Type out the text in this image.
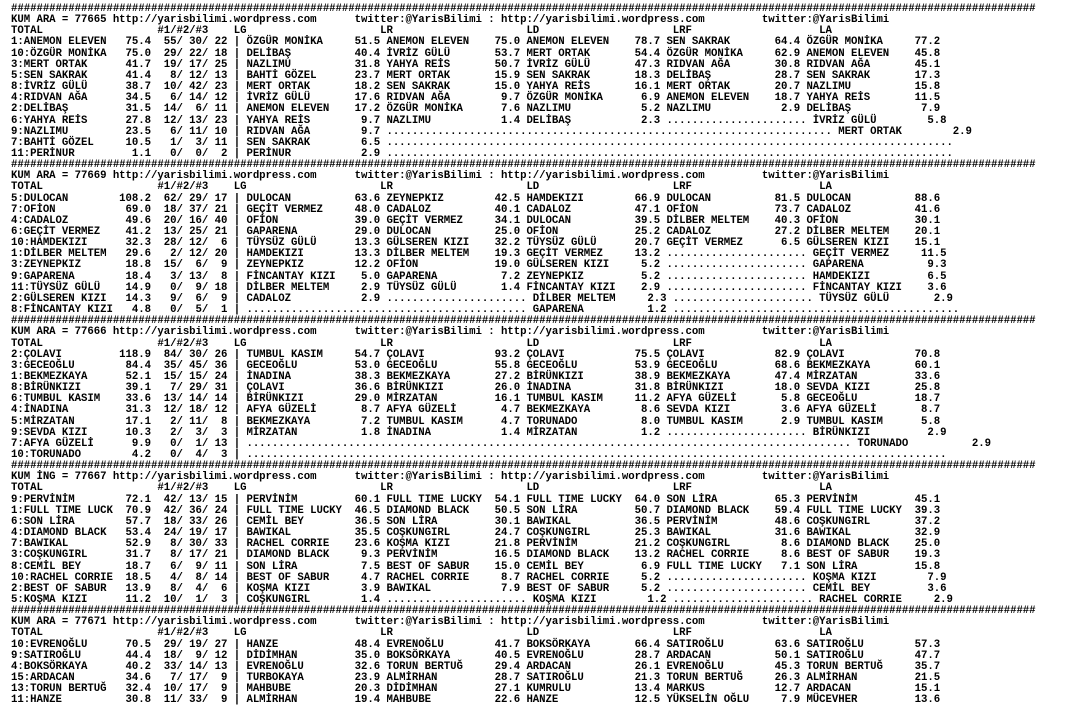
#################################################################################################################################################################
KUM ARA = 77665 http://yarisbilimi.wordpress.com      twitter:@YarisBilimi : http://yarisbilimi.wordpress.com         twitter:@YarisBilimi
TOTAL                  #1/#2/#3    LG                     LR                     LD                     LRF                    LA
1:ANEMON ELEVEN   75.4  55/ 30/ 22 | ÖZGÜR MONİKA     51.5 ANEMON ELEVEN    75.0 ANEMON ELEVEN    78.7 SEN SAKRAK       64.4 ÖZGÜR MONİKA     77.2
10:ÖZGÜR MONİKA   75.0  29/ 22/ 18 | DELİBAŞ          40.4 İVRİZ GÜLÜ       53.7 MERT ORTAK       54.4 ÖZGÜR MONİKA     62.9 ANEMON ELEVEN    45.8
3:MERT ORTAK      41.7  19/ 17/ 25 | NAZLIMU          31.8 YAHYA REİS       50.7 İVRİZ GÜLÜ       47.3 RIDVAN AĞA       30.8 RIDVAN AĞA       45.1
5:SEN SAKRAK      41.4   8/ 12/ 13 | BAHTİ GÖZEL      23.7 MERT ORTAK       15.9 SEN SAKRAK       18.3 DELİBAŞ          28.7 SEN SAKRAK       17.3
8:İVRİZ GÜLÜ      38.7  10/ 42/ 23 | MERT ORTAK       18.2 SEN SAKRAK       15.0 YAHYA REİS       16.1 MERT ORTAK       20.7 NAZLIMU          15.8
4:RIDVAN AĞA      34.5   6/ 14/ 12 | İVRİZ GÜLÜ       17.6 RIDVAN AĞA        9.7 ÖZGÜR MONİKA      6.9 ANEMON ELEVEN    18.7 YAHYA REİS       11.5
2:DELİBAŞ         31.5  14/  6/ 11 | ANEMON ELEVEN    17.2 ÖZGÜR MONİKA      7.6 NAZLIMU           5.2 NAZLIMU           2.9 DELİBAŞ           7.9
6:YAHYA REİS      27.8  12/ 13/ 23 | YAHYA REİS        9.7 NAZLIMU           1.4 DELİBAŞ           2.3 ...................... İVRİZ GÜLÜ        5.8
9:NAZLIMU         23.5   6/ 11/ 10 | RIDVAN AĞA        9.7 ...................................................................... MERT ORTAK        2.9
7:BAHTİ GÖZEL     10.5   1/  3/ 11 | SEN SAKRAK        6.5 .........................................................................................
11:PERİNUR         1.1   0/  0/  2 | PERİNUR           2.9 .........................................................................................
#################################################################################################################################################################
KUM ARA = 77669 http://yarisbilimi.wordpress.com      twitter:@YarisBilimi : http://yarisbilimi.wordpress.com         twitter:@YarisBilimi
TOTAL                  #1/#2/#3    LG                     LR                     LD                     LRF                    LA
5:DULOCAN        108.2  62/ 29/ 17 | DULOCAN          63.6 ZEYNEPKIZ        42.5 HAMDEKIZI        66.9 DULOCAN          81.5 DULOCAN          88.6
7:OFİON           69.0  18/ 37/ 21 | GEÇİT VERMEZ     48.0 CADALOZ          40.1 CADALOZ          47.1 OFİON            73.7 CADALOZ          41.6
4:CADALOZ         49.6  20/ 16/ 40 | OFİON            39.0 GEÇİT VERMEZ     34.1 DULOCAN          39.5 DİLBER MELTEM    40.3 OFİON            30.1
6:GEÇİT VERMEZ    41.2  13/ 25/ 21 | GAPARENA         29.0 DULOCAN          25.0 OFİON            25.2 CADALOZ          27.2 DİLBER MELTEM    20.1
10:HAMDEKIZI      32.3  28/ 12/  6 | TÜYSÜZ GÜLÜ      13.3 GÜLSEREN KIZI    32.2 TÜYSÜZ GÜLÜ      20.7 GEÇİT VERMEZ      6.5 GÜLSEREN KIZI    15.1
1:DİLBER MELTEM   29.6   2/ 12/ 20 | HAMDEKIZI        13.3 DİLBER MELTEM    19.3 GEÇİT VERMEZ     13.2 ...................... GEÇİT VERMEZ     11.5
3:ZEYNEPKIZ       18.8  15/  6/  9 | ZEYNEPKIZ        12.2 OFİON            19.0 GÜLSEREN KIZI     5.2 ...................... GAPARENA          9.3
9:GAPARENA        18.4   3/ 13/  8 | FİNCANTAY KIZI    5.0 GAPARENA          7.2 ZEYNEPKIZ         5.2 ...................... HAMDEKIZI         6.5
11:TÜYSÜZ GÜLÜ    14.9   0/  9/ 18 | DİLBER MELTEM     2.9 TÜYSÜZ GÜLÜ       1.4 FİNCANTAY KIZI    2.9 ...................... FİNCANTAY KIZI    3.6
2:GÜLSEREN KIZI   14.3   9/  6/  9 | CADALOZ           2.9 ...................... DİLBER MELTEM     2.3 ...................... TÜYSÜZ GÜLÜ       2.9
8:FİNCANTAY KIZI   4.8   0/  5/  1 | ............................................ GAPARENA          1.2 .............................................
#################################################################################################################################################################
KUM ARA = 77666 http://yarisbilimi.wordpress.com      twitter:@YarisBilimi : http://yarisbilimi.wordpress.com         twitter:@YarisBilimi
TOTAL                  #1/#2/#3    LG                     LR                     LD                     LRF                    LA
2:ÇOLAVI         118.9  84/ 30/ 26 | TUMBUL KASIM     54.7 ÇOLAVI           93.2 ÇOLAVI           75.5 ÇOLAVI           82.9 ÇOLAVI           70.8
3:GECEOĞLU        84.4  35/ 45/ 36 | GECEOĞLU         53.0 GECEOĞLU         55.8 GECEOĞLU         53.9 GECEOĞLU         68.6 BEKMEZKAYA       60.1
1:BEKMEZKAYA      52.1  15/ 15/ 24 | İNADINA          38.3 BEKMEZKAYA       27.2 BİRÜNKIZI        38.9 BEKMEZKAYA       47.4 MİRZATAN         33.6
8:BİRÜNKIZI       39.1   7/ 29/ 31 | ÇOLAVI           36.6 BİRÜNKIZI        26.0 İNADINA          31.8 BİRÜNKIZI        18.0 SEVDA KIZI       25.8
6:TUMBUL KASIM    33.6  13/ 14/ 14 | BİRÜNKIZI        29.0 MİRZATAN         16.1 TUMBUL KASIM     11.2 AFYA GÜZELİ       5.8 GECEOĞLU         18.7
4:İNADINA         31.3  12/ 18/ 12 | AFYA GÜZELİ       8.7 AFYA GÜZELİ       4.7 BEKMEZKAYA        8.6 SEVDA KIZI        3.6 AFYA GÜZELİ       8.7
5:MİRZATAN        17.1   2/ 11/  8 | BEKMEZKAYA        7.2 TUMBUL KASIM      4.7 TORUNADO          8.0 TUMBUL KASIM      2.9 TUMBUL KASIM      5.8
9:SEVDA KIZI      10.3   2/  3/  3 | MİRZATAN          1.8 İNADINA           1.4 MİRZATAN          1.2 ...................... BİRÜNKIZI         2.9
7:AFYA GÜZELİ      9.9   0/  1/ 13 | ............................................................................................... TORUNADO          2.9
10:TORUNADO        4.2   0/  4/  3 | ..............................................................................................................
#################################################################################################################################################################
KUM İNG = 77667 http://yarisbilimi.wordpress.com      twitter:@YarisBilimi : http://yarisbilimi.wordpress.com         twitter:@YarisBilimi
TOTAL                  #1/#2/#3    LG                     LR                     LD                     LRF                    LA
9:PERVİNİM        72.1  42/ 13/ 15 | PERVİNİM         60.1 FULL TIME LUCKY  54.1 FULL TIME LUCKY  64.0 SON LİRA         65.3 PERVİNİM         45.1
1:FULL TIME LUCK  70.9  42/ 36/ 24 | FULL TIME LUCKY  46.5 DIAMOND BLACK    50.5 SON LİRA         50.7 DIAMOND BLACK    59.4 FULL TIME LUCKY  39.3
6:SON LİRA        57.7  18/ 33/ 26 | CEMİL BEY        36.5 SON LİRA         30.1 BAWIKAL          36.5 PERVİNİM         48.6 COŞKUNGIRL       37.2
4:DIAMOND BLACK   53.4  24/ 19/ 17 | BAWIKAL          35.5 COŞKUNGIRL       24.7 COŞKUNGIRL       25.3 BAWIKAL          31.6 BAWIKAL          32.9
7:BAWIKAL         52.9   8/ 30/ 33 | RACHEL CORRIE    23.6 KOŞMA KIZI       21.8 PERVİNİM         21.2 COŞKUNGIRL        8.6 DIAMOND BLACK    25.0
3:COŞKUNGIRL      31.7   8/ 17/ 21 | DIAMOND BLACK     9.3 PERVİNİM         16.5 DIAMOND BLACK    13.2 RACHEL CORRIE     8.6 BEST OF SABUR    19.3
8:CEMİL BEY       18.7   6/  9/ 11 | SON LİRA          7.5 BEST OF SABUR    15.0 CEMİL BEY         6.9 FULL TIME LUCKY   7.1 SON LİRA         15.8
10:RACHEL CORRIE  18.5   4/  8/ 14 | BEST OF SABUR     4.7 RACHEL CORRIE     8.7 RACHEL CORRIE     5.2 ...................... KOŞMA KIZI        7.9
2:BEST OF SABUR   13.9   8/  4/  6 | KOŞMA KIZI        3.9 BAWIKAL           7.9 BEST OF SABUR     5.2 ...................... CEMİL BEY         3.6
5:KOŞMA KIZI      11.2  10/  1/  3 | COŞKUNGIRL        1.4 ...................... KOŞMA KIZI        1.2 ...................... RACHEL CORRIE     2.9
#################################################################################################################################################################
KUM ARA = 77671 http://yarisbilimi.wordpress.com      twitter:@YarisBilimi : http://yarisbilimi.wordpress.com         twitter:@YarisBilimi
TOTAL                  #1/#2/#3    LG                     LR                     LD                     LRF                    LA
10:EVRENOĞLU      70.5  29/ 19/ 27 | HANZE            48.4 EVRENOĞLU        41.7 BOKSÖRKAYA       66.4 SATIROĞLU        63.6 SATIROĞLU        57.3
9:SATIROĞLU       44.4  18/  9/ 12 | DİDİMHAN         35.0 BOKSÖRKAYA       40.5 EVRENOĞLU        28.7 ARDACAN          50.1 SATIROĞLU        47.7
4:BOKSÖRKAYA      40.2  33/ 14/ 13 | EVRENOĞLU        32.6 TORUN BERTUĞ     29.4 ARDACAN          26.1 EVRENOĞLU        45.3 TORUN BERTUĞ     35.7
15:ARDACAN        34.6   7/ 17/  9 | TURBOKAYA        23.9 ALMİRHAN         28.7 SATIROĞLU        21.3 TORUN BERTUĞ     26.3 ALMİRHAN         21.5
13:TORUN BERTUĞ   32.4  10/ 17/  9 | MAHBUBE          20.3 DİDİMHAN         27.1 KUMRULU          13.4 MARKUS           12.7 ARDACAN          15.1
11:HANZE          30.8  11/ 33/  9 | ALMİRHAN         19.4 MAHBUBE          22.6 HANZE            12.5 YÜKSELİN OĞLU     7.9 MÜCEVHER         13.6
